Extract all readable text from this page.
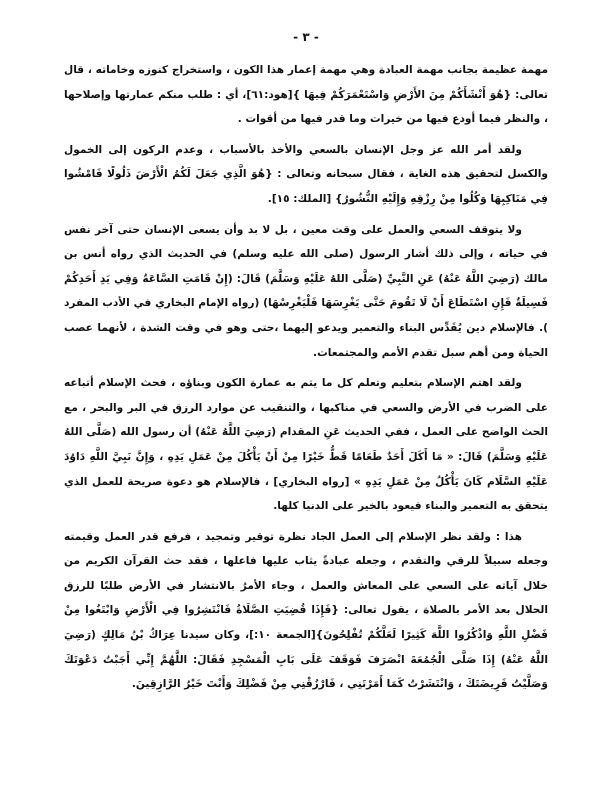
- ٣ -

مهمة عظيمة بجانب مهمة العبادة وهي مهمة إعمار هذا الكون ، واستخراج كنوزه وخاماته ، قال تعالى: {هُوَ أَنْشَأَكُمْ مِنَ الأَرْضِ وَاسْتَعْمَرَكُمْ فِيهَا }[هود:٦١]، أي : طلب منكم عمارتها وإصلاحها ، والنظر فيما أودع فيها من خيرات وما قدر فيها من أقوات .

ولقد أمر الله عز وجل الإنسان بالسعي والأخذ بالأسباب ، وعدم الركون إلى الخمول والكسل لتحقيق هذه الغاية ، فقال سبحانه وتعالى : {هُوَ الَّذِي جَعَلَ لَكُمُ الْأَرْضَ ذَلُولًا فَامْشُوا فِي مَنَاكِبِهَا وَكُلُوا مِنْ رِزْقِهِ وَإِلَيْهِ النُّشُورُ} [الملك: ١٥].

ولا يتوقف السعي والعمل على وقت معين ، بل لا بد وأن يسعى الإنسان حتى آخر نفس في حياته ، وإلى ذلك أشار الرسول (صلى الله عليه وسلم) في الحديث الذي رواه أنس بن مالك (رَضِيَ اللَّهُ عَنْهُ) عَنِ النَّبِيِّ (صَلَّى اللهُ عَلَيْهِ وَسَلَّمَ) قَالَ: (إِنْ قَامَتِ السَّاعَةُ وَفِي يَدِ أَحَدِكُمْ فَسِيلَةٌ فَإِنِ اسْتَطَاعَ أَنْ لَا تَقُومَ حَتَّى يَغْرِسَهَا فَلْيَغْرِسْهَا) (رواه الإمام البخاري في الأدب المفرد ). فالإسلام دين يُقَدِّس البناء والتعمير ويدعو إليهما ،حتى وهو في وقت الشدة ، لأنهما عصب الحياة ومن أهم سبل تقدم الأمم والمجتمعات.

ولقد اهتم الإسلام بتعليم وتعلم كل ما يتم به عمارة الكون وبناؤه ، فحث الإسلام أتباعه على الضرب في الأرض والسعي في مناكبها ، والتنقيب عن موارد الرزق في البر والبحر ، مع الحث الواضح على العمل ، ففي الحديث عَنِ المقدام (رَضِيَ اللَّهُ عَنْهُ) أن رسول الله (صَلَّى اللهُ عَلَيْهِ وَسَلَّمَ) قَالَ: « مَا أَكَلَ أَحَدٌ طَعَامًا قَطُّ خَيْرًا مِنْ أَنْ يَأْكُلَ مِنْ عَمَلِ يَدِهِ ، وَإِنَّ نَبِيَّ اللَّهِ دَاوُدَ عَلَيْهِ السَّلَام كَانَ يَأْكُلُ مِنْ عَمَلِ يَدِهِ » [رواه البخاري] ، فالإسلام هو دعوة صريحة للعمل الذي يتحقق به التعمير والبناء فيعود بالخير على الدنيا كلها.

هذا : ولقد نظر الإسلام إلى العمل الجاد نظرة توقير وتمجيد ، فرفع قدر العمل وقيمته وجعله سبيلاً للرقي والتقدم ، وجعله عبادةً يثاب عليها فاعلها ، فقد حث القرآن الكريم من خلال آياته على السعي على المعاش والعمل ، وجاء الأمرُ بالانتشار في الأرض طلبًا للرزق الحلال بعد الأمر بالصلاة ، يقول تعالى: {فَإِذَا قُضِيَتِ الصَّلَاةُ فَانْتَشِرُوا فِي الْأَرْضِ وَابْتَغُوا مِنْ فَضْلِ اللَّهِ وَاذْكُرُوا اللَّهَ كَثِيرًا لَعَلَّكُمْ تُفْلِحُونَ}[الجمعة ١٠:]، وكان سيدنا عِرَاكُ بْنُ مَالِكٍ (رَضِيَ اللَّهُ عَنْهُ) إِذَا صَلَّى الْجُمُعَةَ انْصَرَفَ فَوَقَفَ عَلَى بَابِ الْمَسْجِدِ فَقَالَ: اللَّهُمَّ إِنِّي أَجَبْتُ دَعْوَتَكَ وَصَلَّيْتُ فَرِيضَتَكَ ، وَانْتَشَرْتُ كَمَا أَمَرْتَنِي ، فَارْزُقْنِي مِنْ فَضْلِكَ وَأَنْتَ خَيْرُ الرَّازِقِينَ.
